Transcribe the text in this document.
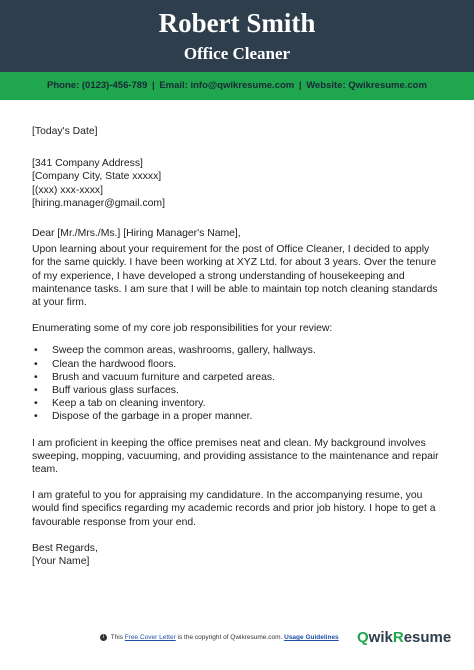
Robert Smith
Office Cleaner
Phone: (0123)-456-789 | Email: info@qwikresume.com | Website: Qwikresume.com

[Today's Date]

[341 Company Address]

[Company City, State xxxxx]

[(xxx) xxx-xxxx]

[hiring.manager@gmail.com]

Dear [Mr./Mrs./Ms.] [Hiring Manager's Name],

Upon learning about your requirement for the post of Office Cleaner, I decided to apply for the same quickly. I have been working at XYZ Ltd. for about 3 years. Over the tenure of my experience, I have developed a strong understanding of housekeeping and maintenance tasks. I am sure that I will be able to maintain top notch cleaning standards at your firm.

Enumerating some of my core job responsibilities for your review:

• Sweep the common areas, washrooms, gallery, hallways.
• Clean the hardwood floors.
• Brush and vacuum furniture and carpeted areas.
• Buff various glass surfaces.
• Keep a tab on cleaning inventory.
• Dispose of the garbage in a proper manner.

I am proficient in keeping the office premises neat and clean. My background involves sweeping, mopping, vacuuming, and providing assistance to the maintenance and repair team.

I am grateful to you for appraising my candidature. In the accompanying resume, you would find specifics regarding my academic records and prior job history. I hope to get a favourable response from your end.

Best Regards,

[Your Name]

i This Free Cover Letter is the copyright of Qwikresume.com. Usage Guidelines QwikResume
